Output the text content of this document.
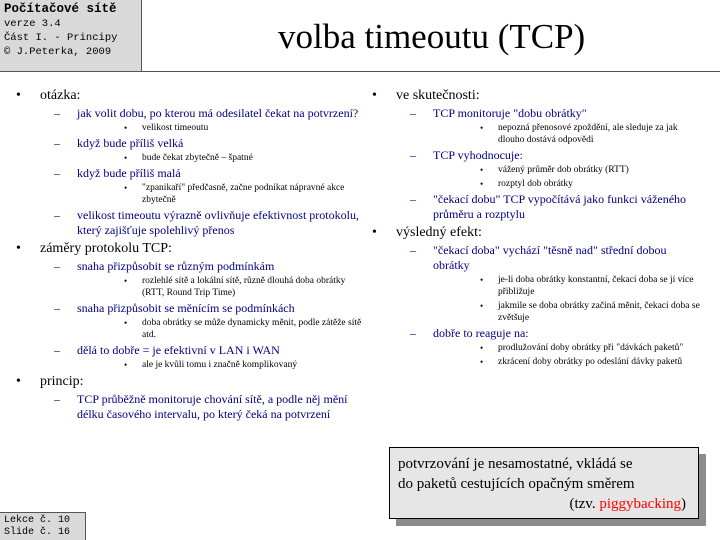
Počítačové sítě
verze 3.4
Část I. - Principy
© J.Peterka, 2009	volba timeoutu (TCP)
• otázka:
– jak volit dobu, po kterou má odesilatel čekat na potvrzení?
• velikost timeoutu
– když bude příliš velká
• bude čekat zbytečně – špatné
– když bude příliš malá
• "zpanikaří" předčasně, začne podnikat nápravné akce zbytečně
– velikost timeoutu výrazně ovlivňuje efektivnost protokolu, který zajišťuje spolehlivý přenos
• záměry protokolu TCP:
– snaha přizpůsobit se různým podmínkám
• rozlehlé sítě a lokální sítě, různě dlouhá doba obrátky (RTT, Round Trip Time)
– snaha přizpůsobit se měnícím se podmínkách
• doba obrátky se může dynamicky měnit, podle zátěže sítě atd.
– dělá to dobře = je efektivní v LAN i WAN
• ale je kvůli tomu i značně komplikovaný
• princip:
– TCP průběžně monitoruje chování sítě, a podle něj mění délku časového intervalu, po který čeká na potvrzení
• ve skutečnosti:
– TCP monitoruje "dobu obrátky"
• nepozná přenosové zpoždění, ale sleduje za jak dlouho dostává odpovědi
– TCP vyhodnocuje:
• vážený průměr dob obrátky (RTT)
• rozptyl dob obrátky
– "čekací dobu" TCP vypočítává jako funkci váženého průměru a rozptylu
• výsledný efekt:
– "čekací doba" vychází "těsně nad" střední dobou obrátky
• je-li doba obrátky konstantní, čekací doba se jí více přibližuje
• jakmile se doba obrátky začíná měnit, čekací doba se zvětšuje
– dobře to reaguje na:
• prodlužování doby obrátky při "dávkách paketů"
• zkrácení doby obrátky po odeslání dávky paketů
potvrzování je nesamostatné, vkládá se
do paketů cestujících opačným směrem
(tzv. piggybacking)
Lekce č. 10
Slide č. 16
